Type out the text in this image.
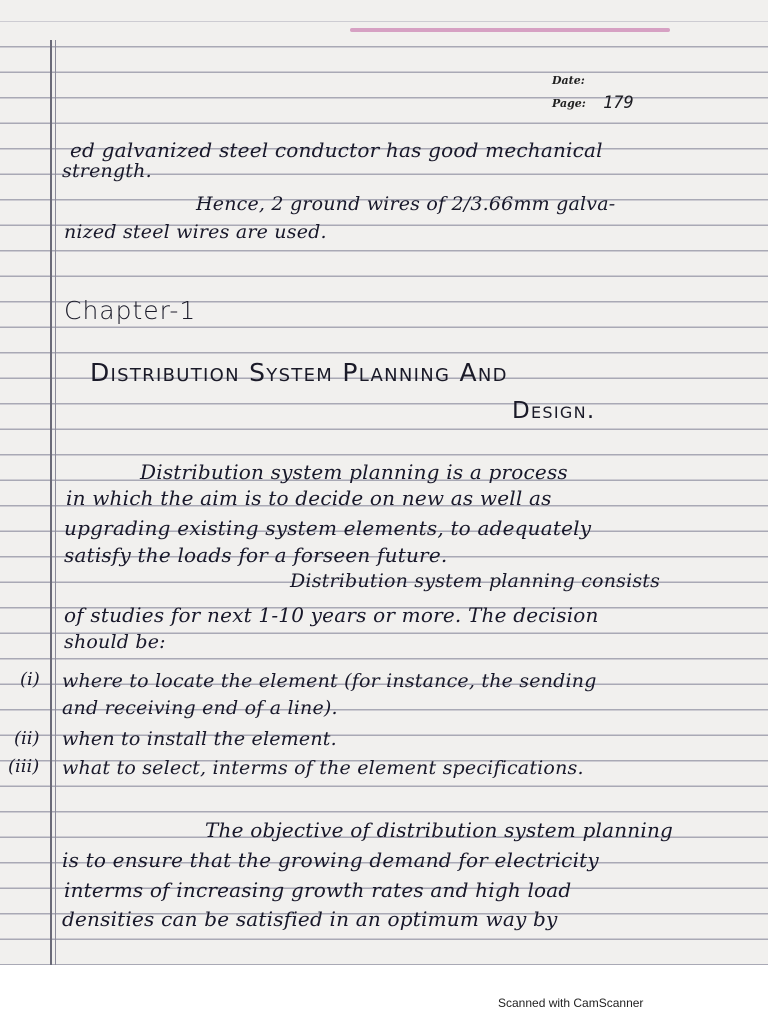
Date:
Page: 179
ed galvanized steel conductor has good mechanical
strength.
Hence, 2 ground wires of 2/3.66mm galva-
nized steel wires are used.
Chapter-1
Distribution System Planning And
Design.
Distribution system planning is a process
in which the aim is to decide on new as well as
upgrading existing system elements, to adequately
satisfy the loads for a forseen future.
Distribution system planning consists
of studies for next 1-10 years or more. The decision
should be:
(i) where to locate the element (for instance, the sending
and receiving end of a line).
(ii) when to install the element.
(iii) what to select, interms of the element specifications.
The objective of distribution system planning
is to ensure that the growing demand for electricity
interms of increasing growth rates and high load
densities can be satisfied in an optimum way by
Scanned with CamScanner
